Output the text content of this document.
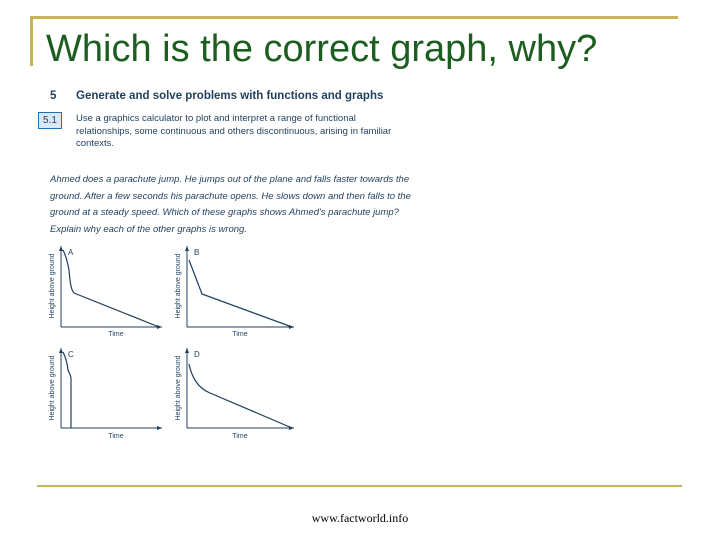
Which is the correct graph, why?
5 Generate and solve problems with functions and graphs
5.1	Use a graphics calculator to plot and interpret a range of functional
relationships, some continuous and others discontinuous, arising in familiar
contexts.
Ahmed does a parachute jump. He jumps out of the plane and falls faster towards the
ground. After a few seconds his parachute opens. He slows down and then falls to the
ground at a steady speed. Which of these graphs shows Ahmed's parachute jump?
Explain why each of the other graphs is wrong.
Height above ground
A
Time
Height above ground
B
Time
Height above ground
C
Time
Height above ground
D
Time
www.factworld.info
